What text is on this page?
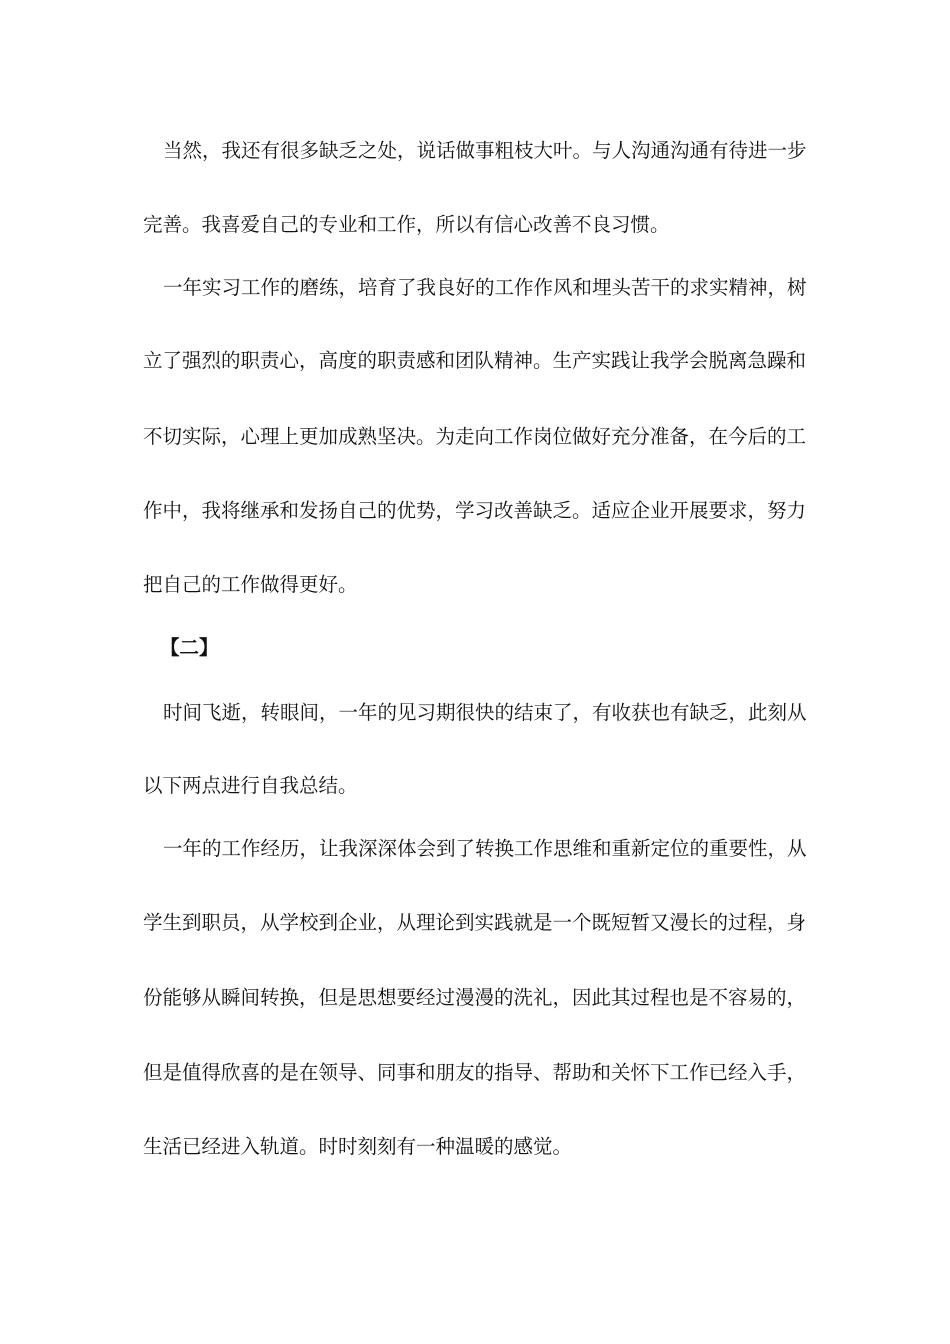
当然，我还有很多缺乏之处，说话做事粗枝大叶。与人沟通沟通有待进一步
完善。我喜爱自己的专业和工作，所以有信心改善不良习惯。
一年实习工作的磨练，培育了我良好的工作作风和埋头苦干的求实精神，树
立了强烈的职责心，高度的职责感和团队精神。生产实践让我学会脱离急躁和
不切实际，心理上更加成熟坚决。为走向工作岗位做好充分准备，在今后的工
作中，我将继承和发扬自己的优势，学习改善缺乏。适应企业开展要求，努力
把自己的工作做得更好。
【二】
时间飞逝，转眼间，一年的见习期很快的结束了，有收获也有缺乏，此刻从
以下两点进行自我总结。
一年的工作经历，让我深深体会到了转换工作思维和重新定位的重要性，从
学生到职员，从学校到企业，从理论到实践就是一个既短暂又漫长的过程，身
份能够从瞬间转换，但是思想要经过漫漫的洗礼，因此其过程也是不容易的，
但是值得欣喜的是在领导、同事和朋友的指导、帮助和关怀下工作已经入手，
生活已经进入轨道。时时刻刻有一种温暖的感觉。
